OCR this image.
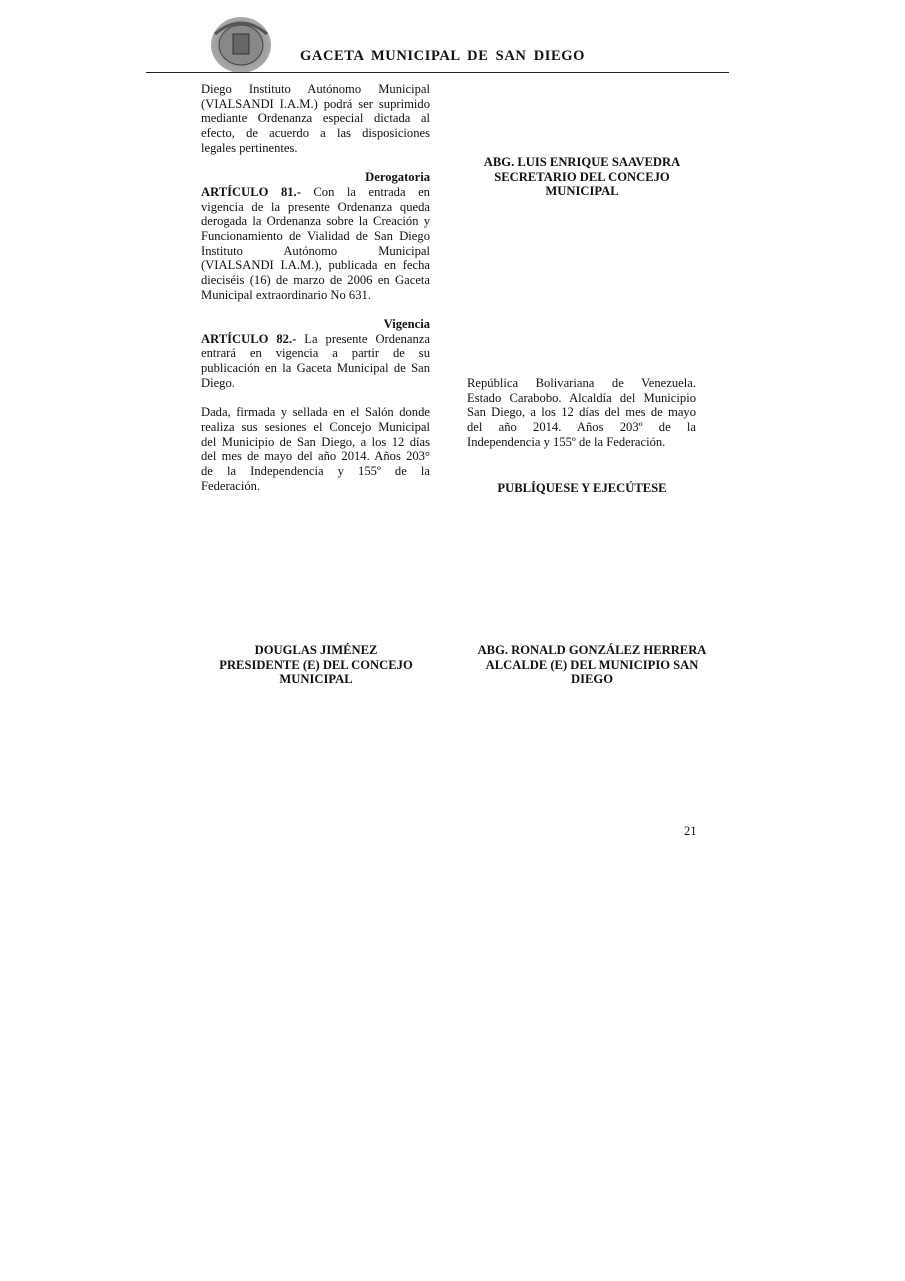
GACETA MUNICIPAL DE SAN DIEGO
Diego Instituto Autónomo Municipal
(VIALSANDI I.A.M.) podrá ser suprimido
mediante Ordenanza especial dictada al
efecto, de acuerdo a las disposiciones
legales pertinentes.
Derogatoria
ARTÍCULO 81.- Con la entrada en
vigencia de la presente Ordenanza queda
derogada la Ordenanza sobre la Creación y
Funcionamiento de Vialidad de San Diego
Instituto Autónomo Municipal
(VIALSANDI I.A.M.), publicada en fecha
dieciséis (16) de marzo de 2006 en Gaceta
Municipal extraordinario No 631.
Vigencia
ARTÍCULO 82.- La presente Ordenanza
entrará en vigencia a partir de su
publicación en la Gaceta Municipal de San
Diego.
Dada, firmada y sellada en el Salón donde
realiza sus sesiones el Concejo Municipal
del Municipio de San Diego, a los 12 días
del mes de mayo del año 2014. Años 203°
de la Independencia y 155º de la
Federación.
ABG. LUIS ENRIQUE SAAVEDRA
SECRETARIO DEL CONCEJO
MUNICIPAL
República Bolivariana de Venezuela.
Estado Carabobo. Alcaldía del Municipio
San Diego, a los 12 días del mes de mayo
del año 2014. Años 203º de la
Independencia y 155º de la Federación.
PUBLÍQUESE Y EJECÚTESE
DOUGLAS JIMÉNEZ
PRESIDENTE (E) DEL CONCEJO
MUNICIPAL
ABG. RONALD GONZÁLEZ HERRERA
ALCALDE (E) DEL MUNICIPIO SAN
DIEGO
21
